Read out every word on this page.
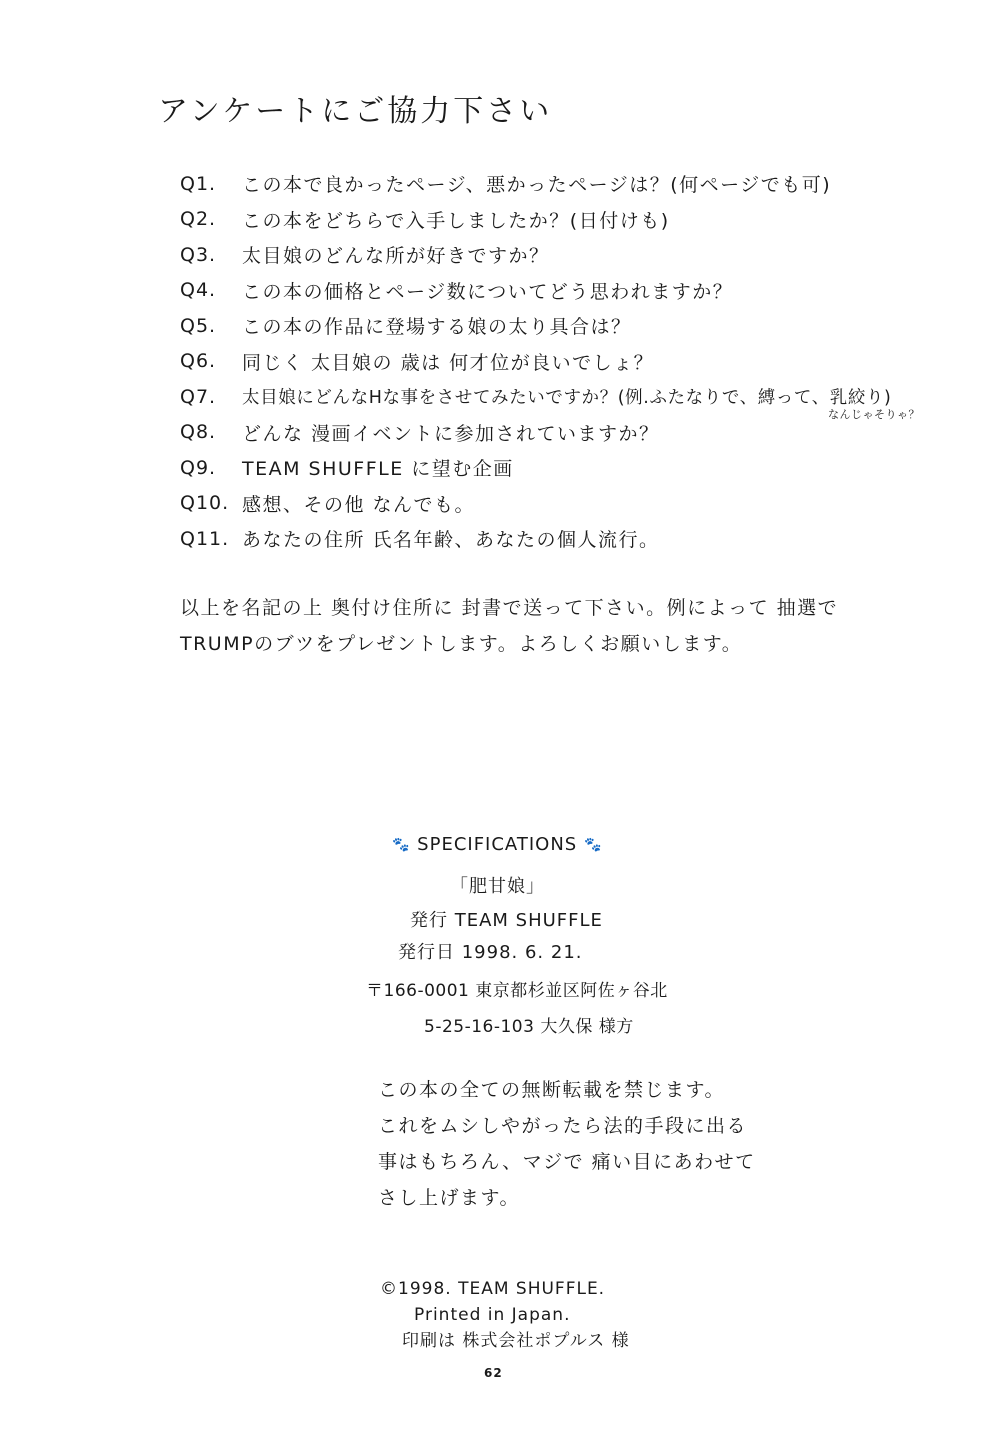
アンケートにご協力下さい
Q1.	この本で良かったページ、悪かったページは？(何ページでも可)
Q2.	この本をどちらで入手しましたか？(日付けも)
Q3.	太目娘のどんな所が好きですか？
Q4.	この本の価格とページ数についてどう思われますか？
Q5.	この本の作品に登場する娘の太り具合は？
Q6.	同じく 太目娘の 歳は 何才位が良いでしょ？
Q7.	太目娘にどんなHな事をさせてみたいですか？(例.ふたなりで、縛って、乳絞り)
Q8.	どんな 漫画イベントに参加されていますか？
Q9.	TEAM SHUFFLE に望む企画
Q10. 感想、その他 なんでも。
Q11. あなたの住所 氏名年齢、あなたの個人流行。
なんじゃそりゃ？
以上を名記の上 奥付け住所に 封書で送って下さい。例によって 抽選で
TRUMPのブツをプレゼントします。よろしくお願いします。
🐾 SPECIFICATIONS 🐾
「肥甘娘」
発行 TEAM SHUFFLE
発行日 1998. 6. 21.
〒166-0001 東京都杉並区阿佐ヶ谷北
5-25-16-103 大久保 様方
この本の全ての無断転載を禁じます。
これをムシしやがったら法的手段に出る
事はもちろん、マジで 痛い目にあわせて
さし上げます。
©1998. TEAM SHUFFLE.
Printed in Japan.
印刷は 株式会社ポプルス 様
62
